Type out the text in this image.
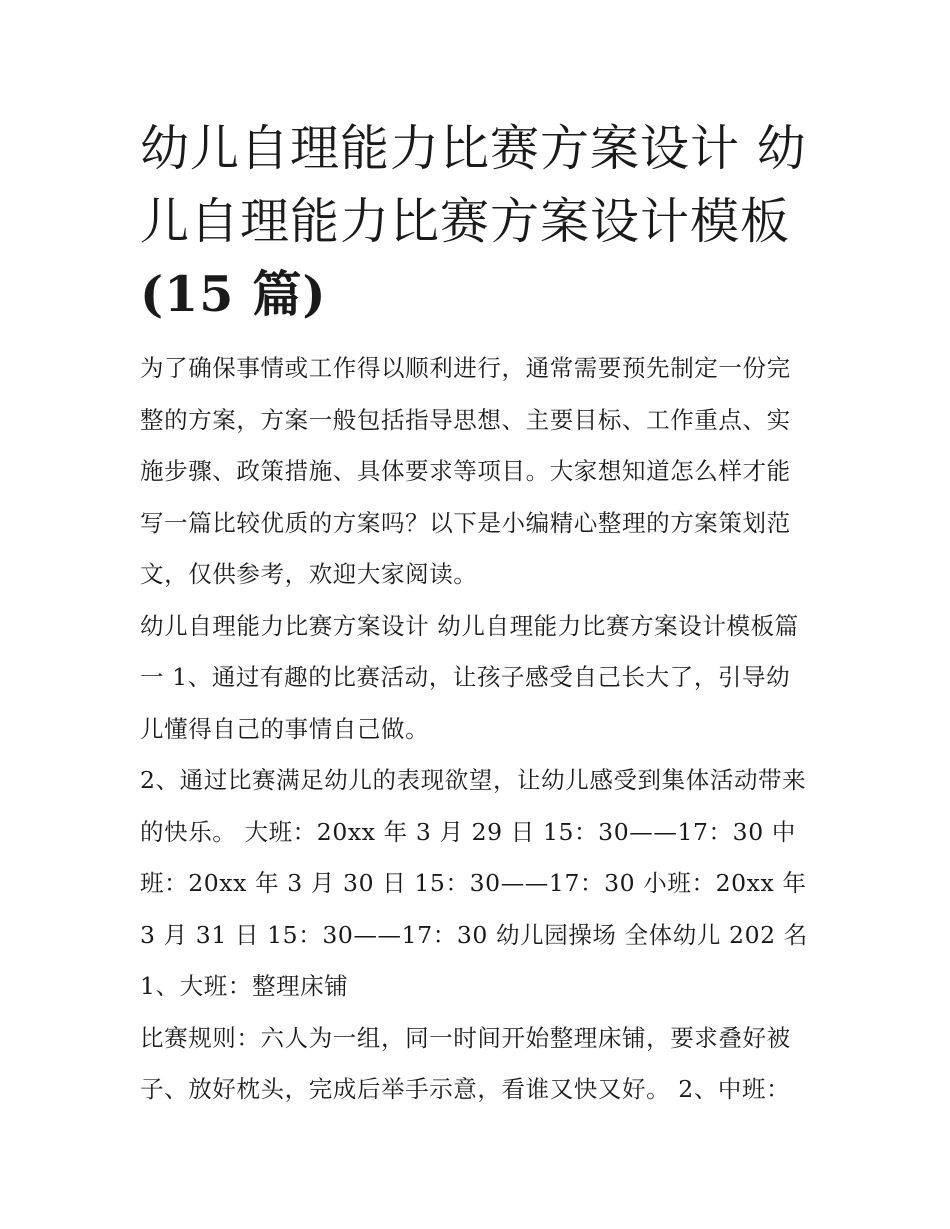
幼儿自理能力比赛方案设计 幼
儿自理能力比赛方案设计模板
(15 篇)

为了确保事情或工作得以顺利进行，通常需要预先制定一份完整的方案，方案一般包括指导思想、主要目标、工作重点、实施步骤、政策措施、具体要求等项目。大家想知道怎么样才能写一篇比较优质的方案吗？以下是小编精心整理的方案策划范文，仅供参考，欢迎大家阅读。

幼儿自理能力比赛方案设计 幼儿自理能力比赛方案设计模板篇一 1、通过有趣的比赛活动，让孩子感受自己长大了，引导幼儿懂得自己的事情自己做。

2、通过比赛满足幼儿的表现欲望，让幼儿感受到集体活动带来的快乐。 大班：20xx 年 3 月 29 日 15：30——17：30 中班：20xx 年 3 月 30 日 15：30——17：30 小班：20xx 年 3 月 31 日 15：30——17：30 幼儿园操场 全体幼儿 202 名 1、大班：整理床铺

比赛规则：六人为一组，同一时间开始整理床铺，要求叠好被子、放好枕头，完成后举手示意，看谁又快又好。 2、中班：
